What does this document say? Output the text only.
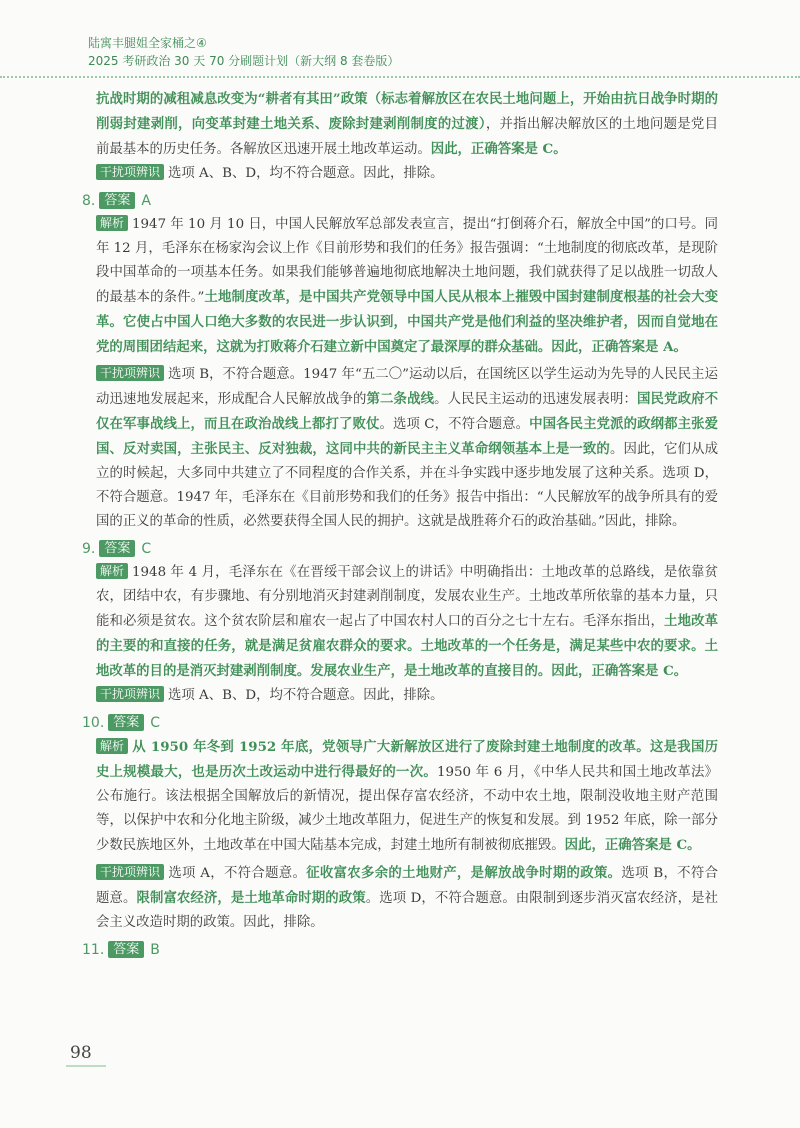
陆寓丰腿姐全家桶之④
2025 考研政治 30 天 70 分刷题计划（新大纲 8 套卷版）

抗战时期的减租减息改变为“耕者有其田”政策（标志着解放区在农民土地问题上，开始由抗日战争时期的削弱封建剥削，向变革封建土地关系、废除封建剥削制度的过渡），并指出解决解放区的土地问题是党目前最基本的历史任务。各解放区迅速开展土地改革运动。因此，正确答案是 C。

干扰项辨识 选项 A、B、D，均不符合题意。因此，排除。

8. 答案 A

解析 1947 年 10 月 10 日，中国人民解放军总部发表宣言，提出“打倒蒋介石，解放全中国”的口号。同年 12 月，毛泽东在杨家沟会议上作《目前形势和我们的任务》报告强调：“土地制度的彻底改革，是现阶段中国革命的一项基本任务。如果我们能够普遍地彻底地解决土地问题，我们就获得了足以战胜一切敌人的最基本的条件。”土地制度改革，是中国共产党领导中国人民从根本上摧毁中国封建制度根基的社会大变革。它使占中国人口绝大多数的农民进一步认识到，中国共产党是他们利益的坚决维护者，因而自觉地在党的周围团结起来，这就为打败蒋介石建立新中国奠定了最深厚的群众基础。因此，正确答案是 A。

干扰项辨识 选项 B，不符合题意。1947 年“五二〇”运动以后，在国统区以学生运动为先导的人民民主运动迅速地发展起来，形成配合人民解放战争的第二条战线。人民民主运动的迅速发展表明：国民党政府不仅在军事战线上，而且在政治战线上都打了败仗。选项 C，不符合题意。中国各民主党派的政纲都主张爱国、反对卖国，主张民主、反对独裁，这同中共的新民主主义革命纲领基本上是一致的。因此，它们从成立的时候起，大多同中共建立了不同程度的合作关系，并在斗争实践中逐步地发展了这种关系。选项 D，不符合题意。1947 年，毛泽东在《目前形势和我们的任务》报告中指出：“人民解放军的战争所具有的爱国的正义的革命的性质，必然要获得全国人民的拥护。这就是战胜蒋介石的政治基础。”因此，排除。

9. 答案 C

解析 1948 年 4 月，毛泽东在《在晋绥干部会议上的讲话》中明确指出：土地改革的总路线，是依靠贫农，团结中农，有步骤地、有分别地消灭封建剥削制度，发展农业生产。土地改革所依靠的基本力量，只能和必须是贫农。这个贫农阶层和雇农一起占了中国农村人口的百分之七十左右。毛泽东指出，土地改革的主要的和直接的任务，就是满足贫雇农群众的要求。土地改革的一个任务是，满足某些中农的要求。土地改革的目的是消灭封建剥削制度。发展农业生产，是土地改革的直接目的。因此，正确答案是 C。

干扰项辨识 选项 A、B、D，均不符合题意。因此，排除。

10. 答案 C

解析 从 1950 年冬到 1952 年底，党领导广大新解放区进行了废除封建土地制度的改革。这是我国历史上规模最大，也是历次土改运动中进行得最好的一次。1950 年 6 月，《中华人民共和国土地改革法》公布施行。该法根据全国解放后的新情况，提出保存富农经济，不动中农土地，限制没收地主财产范围等，以保护中农和分化地主阶级，减少土地改革阻力，促进生产的恢复和发展。到 1952 年底，除一部分少数民族地区外，土地改革在中国大陆基本完成，封建土地所有制被彻底摧毁。因此，正确答案是 C。

干扰项辨识 选项 A，不符合题意。征收富农多余的土地财产，是解放战争时期的政策。选项 B，不符合题意。限制富农经济，是土地革命时期的政策。选项 D，不符合题意。由限制到逐步消灭富农经济，是社会主义改造时期的政策。因此，排除。

11. 答案 B
98
